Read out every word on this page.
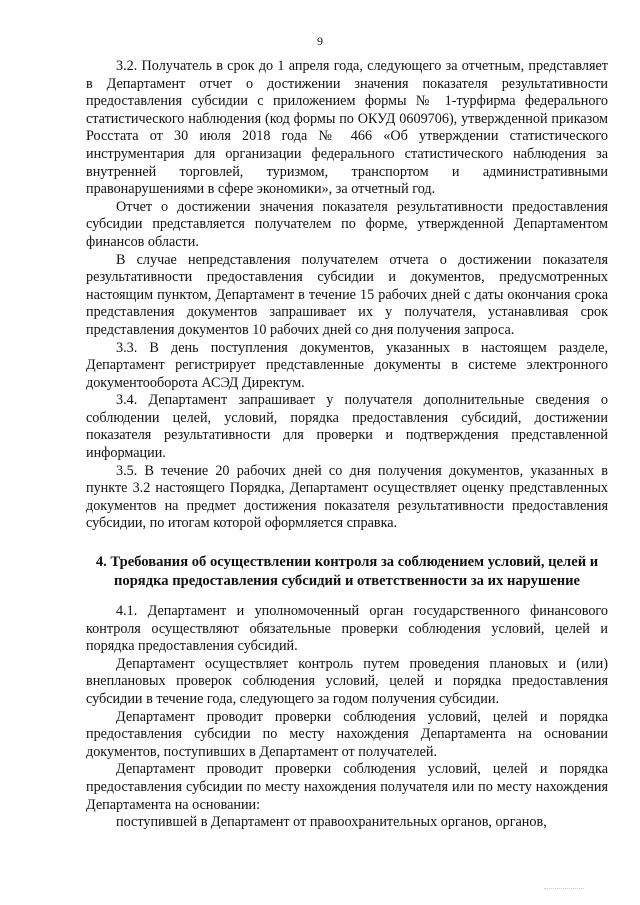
9

3.2. Получатель в срок до 1 апреля года, следующего за отчетным, представляет в Департамент отчет о достижении значения показателя результативности предоставления субсидии с приложением формы № 1-турфирма федерального статистического наблюдения (код формы по ОКУД 0609706), утвержденной приказом Росстата от 30 июля 2018 года № 466 «Об утверждении статистического инструментария для организации федерального статистического наблюдения за внутренней торговлей, туризмом, транспортом и административными правонарушениями в сфере экономики», за отчетный год.

Отчет о достижении значения показателя результативности предоставления субсидии представляется получателем по форме, утвержденной Департаментом финансов области.

В случае непредставления получателем отчета о достижении показателя результативности предоставления субсидии и документов, предусмотренных настоящим пунктом, Департамент в течение 15 рабочих дней с даты окончания срока представления документов запрашивает их у получателя, устанавливая срок представления документов 10 рабочих дней со дня получения запроса.

3.3. В день поступления документов, указанных в настоящем разделе, Департамент регистрирует представленные документы в системе электронного документооборота АСЭД Директум.

3.4. Департамент запрашивает у получателя дополнительные сведения о соблюдении целей, условий, порядка предоставления субсидий, достижении показателя результативности для проверки и подтверждения представленной информации.

3.5. В течение 20 рабочих дней со дня получения документов, указанных в пункте 3.2 настоящего Порядка, Департамент осуществляет оценку представленных документов на предмет достижения показателя результативности предоставления субсидии, по итогам которой оформляется справка.

4. Требования об осуществлении контроля за соблюдением условий, целей и
порядка предоставления субсидий и ответственности за их нарушение

4.1. Департамент и уполномоченный орган государственного финансового контроля осуществляют обязательные проверки соблюдения условий, целей и порядка предоставления субсидий.

Департамент осуществляет контроль путем проведения плановых и (или) внеплановых проверок соблюдения условий, целей и порядка предоставления субсидии в течение года, следующего за годом получения субсидии.

Департамент проводит проверки соблюдения условий, целей и порядка предоставления субсидии по месту нахождения Департамента на основании документов, поступивших в Департамент от получателей.

Департамент проводит проверки соблюдения условий, целей и порядка предоставления субсидии по месту нахождения получателя или по месту нахождения Департамента на основании:

поступившей в Департамент от правоохранительных органов, органов,
